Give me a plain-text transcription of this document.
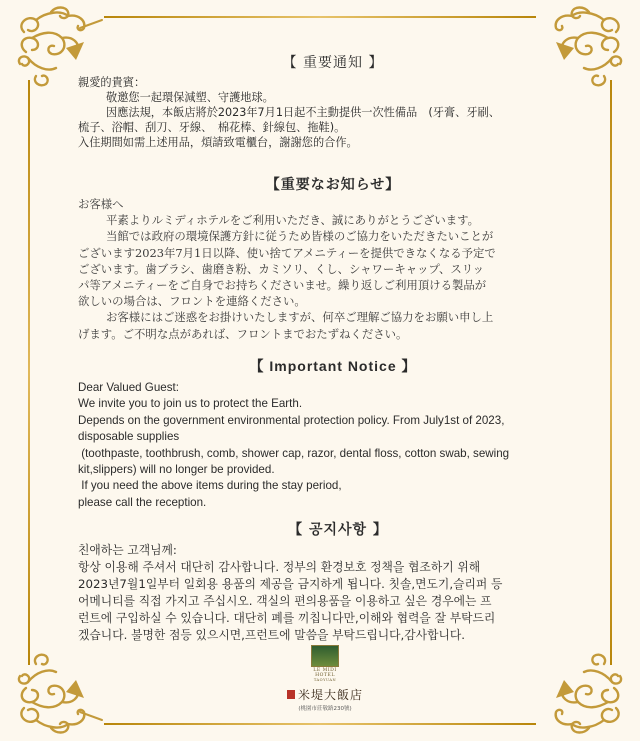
【 重要通知 】

親愛的貴賓：

敬邀您一起環保減塑、守護地球。

因應法規，本飯店將於2023年7月1日起不主動提供一次性備品　(牙膏、牙刷、

梳子、浴帽、刮刀、牙線、　棉花棒、針線包、拖鞋)。

入住期間如需上述用品，煩請致電櫃台，謝謝您的合作。

【重要なお知らせ】

お客様へ

平素よりルミディホテルをご利用いただき、誠にありがとうございます。

当館では政府の環境保護方針に従うため皆様のご協力をいただきたいことが

ございます2023年7月1日以降、使い捨てアメニティーを提供できなくなる予定で

ございます。歯ブラシ、歯磨き粉、カミソリ、くし、シャワーキャップ、スリッ

パ等アメニティーをご自身でお持ちくださいませ。繰り返しご利用頂ける製品が

欲しいの場合は、フロントを連絡ください。

お客様にはご迷惑をお掛けいたしますが、何卒ご理解ご協力をお願い申し上

げます。ご不明な点があれば、フロントまでおたずねください。

【 Important Notice 】

Dear Valued Guest:

We invite you to join us to protect the Earth.

Depends on the government environmental protection policy. From July1st of 2023,

disposable supplies

(toothpaste, toothbrush, comb, shower cap, razor, dental floss, cotton swab, sewing

kit,slippers) will no longer be provided.

If you need the above items during the stay period,

please call the reception.

【 공지사항 】

친애하는 고객님께:

항상 이용해 주셔서 대단히 감사합니다. 정부의 환경보호 정책을 협조하기 위해

2023년7월1일부터 일회용 용품의 제공을 금지하게 됩니다. 칫솔,면도기,슬리퍼 등

어메니티를 직접 가지고 주십시오. 객실의 편의용품을 이용하고 싶은 경우에는 프

런트에 구입하실 수 있습니다. 대단히 폐를 끼칩니다만,이해와 협력을 잘 부탁드리

겠습니다. 불명한 점등 있으시면,프런트에 말씀을 부탁드립니다,감사합니다.

LE MIDI
HOTEL
TAOYUAN
米堤大飯店
(桃園市莊敬路230號)
